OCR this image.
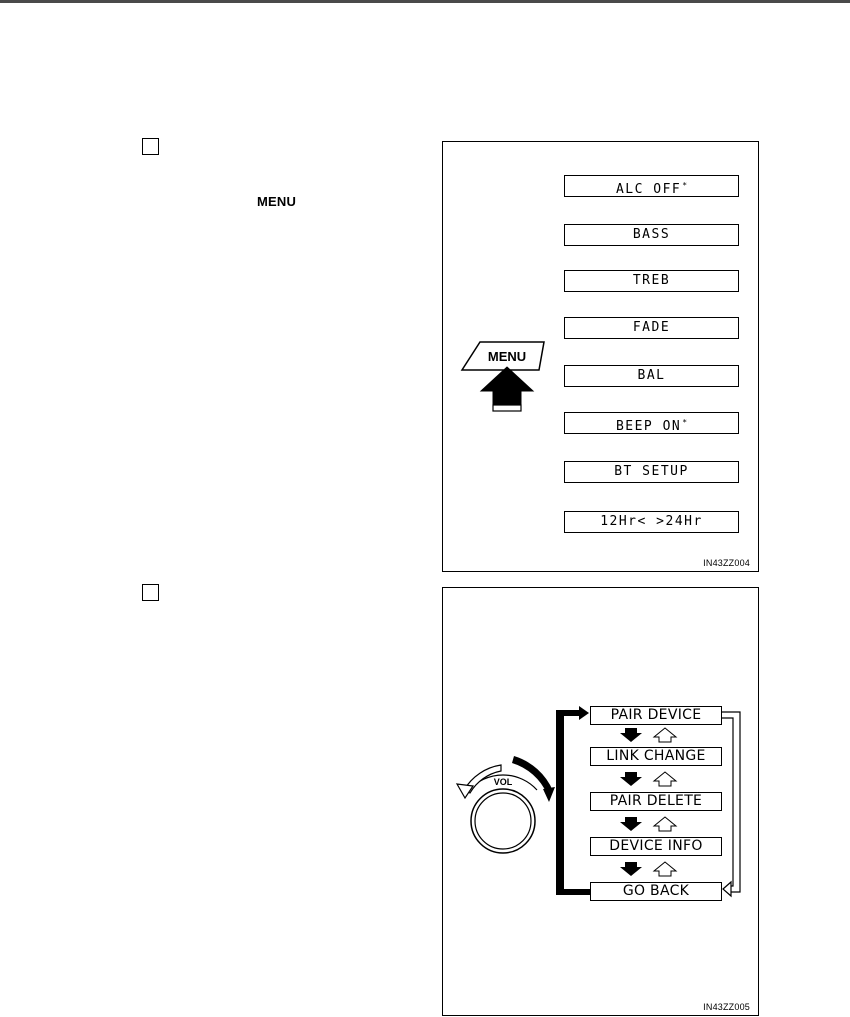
MENU
ALC OFF*
BASS
TREB
FADE
BAL
BEEP ON*
BT SETUP
12Hr< >24Hr
MENU
IN43ZZ004
VOL
PAIR DEVICE
LINK CHANGE
PAIR DELETE
DEVICE INFO
GO BACK
IN43ZZ005
